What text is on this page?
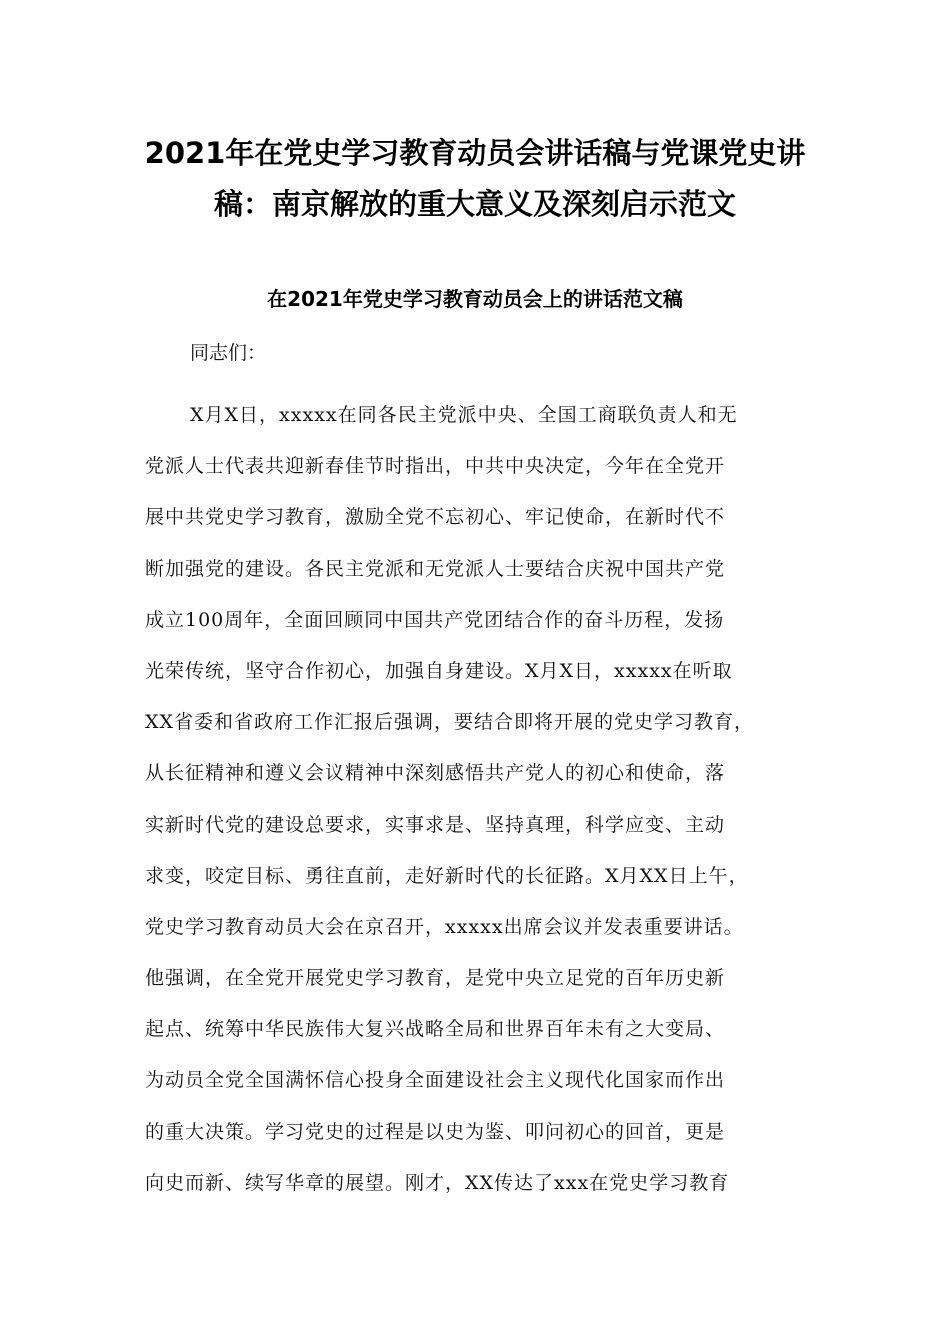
2021年在党史学习教育动员会讲话稿与党课党史讲
稿：南京解放的重大意义及深刻启示范文
在2021年党史学习教育动员会上的讲话范文稿

同志们：

X月X日，xxxxx在同各民主党派中央、全国工商联负责人和无
党派人士代表共迎新春佳节时指出，中共中央决定，今年在全党开
展中共党史学习教育，激励全党不忘初心、牢记使命，在新时代不
断加强党的建设。各民主党派和无党派人士要结合庆祝中国共产党
成立100周年，全面回顾同中国共产党团结合作的奋斗历程，发扬
光荣传统，坚守合作初心，加强自身建设。X月X日，xxxxx在听取
XX省委和省政府工作汇报后强调，要结合即将开展的党史学习教育，
从长征精神和遵义会议精神中深刻感悟共产党人的初心和使命，落
实新时代党的建设总要求，实事求是、坚持真理，科学应变、主动
求变，咬定目标、勇往直前，走好新时代的长征路。X月XX日上午，
党史学习教育动员大会在京召开，xxxxx出席会议并发表重要讲话。
他强调，在全党开展党史学习教育，是党中央立足党的百年历史新
起点、统筹中华民族伟大复兴战略全局和世界百年未有之大变局、
为动员全党全国满怀信心投身全面建设社会主义现代化国家而作出
的重大决策。学习党史的过程是以史为鉴、叩问初心的回首，更是
向史而新、续写华章的展望。刚才，XX传达了xxx在党史学习教育
